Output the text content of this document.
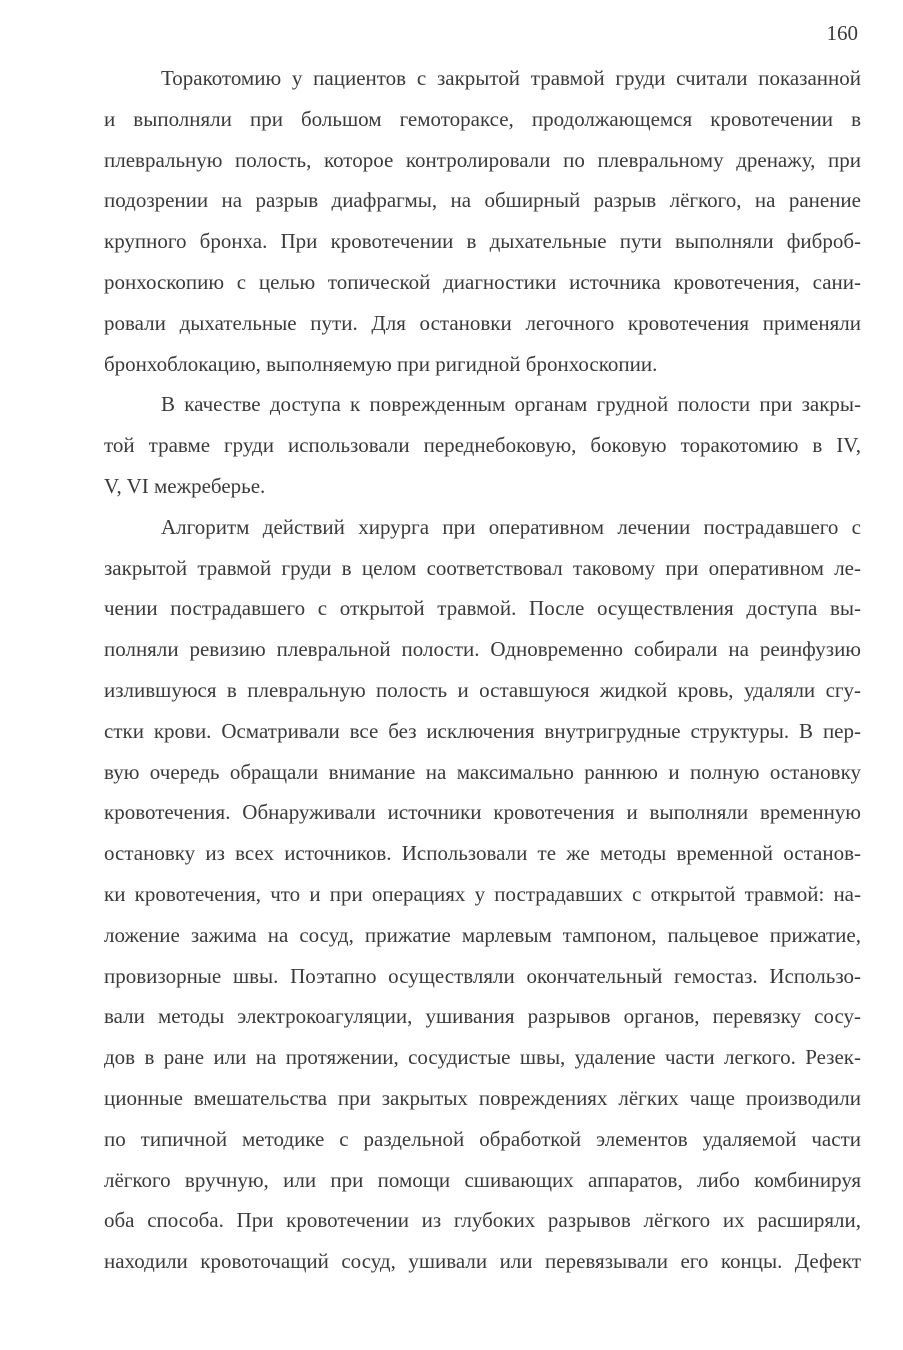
160
Торакотомию у пациентов с закрытой травмой груди считали показанной
и выполняли при большом гемотораксе, продолжающемся кровотечении в
плевральную полость, которое контролировали по плевральному дренажу, при
подозрении на разрыв диафрагмы, на обширный разрыв лёгкого, на ранение
крупного бронха. При кровотечении в дыхательные пути выполняли фиброб-
ронхоскопию с целью топической диагностики источника кровотечения, сани-
ровали дыхательные пути. Для остановки легочного кровотечения применяли
бронхоблокацию, выполняемую при ригидной бронхоскопии.
В качестве доступа к поврежденным органам грудной полости при закры-
той травме груди использовали переднебоковую, боковую торакотомию в IV,
V, VI межреберье.
Алгоритм действий хирурга при оперативном лечении пострадавшего с
закрытой травмой груди в целом соответствовал таковому при оперативном ле-
чении пострадавшего с открытой травмой. После осуществления доступа вы-
полняли ревизию плевральной полости. Одновременно собирали на реинфузию
излившуюся в плевральную полость и оставшуюся жидкой кровь, удаляли сгу-
стки крови. Осматривали все без исключения внутригрудные структуры. В пер-
вую очередь обращали внимание на максимально раннюю и полную остановку
кровотечения. Обнаруживали источники кровотечения и выполняли временную
остановку из всех источников. Использовали те же методы временной останов-
ки кровотечения, что и при операциях у пострадавших с открытой травмой: на-
ложение зажима на сосуд, прижатие марлевым тампоном, пальцевое прижатие,
провизорные швы. Поэтапно осуществляли окончательный гемостаз. Использо-
вали методы электрокоагуляции, ушивания разрывов органов, перевязку сосу-
дов в ране или на протяжении, сосудистые швы, удаление части легкого. Резек-
ционные вмешательства при закрытых повреждениях лёгких чаще производили
по типичной методике с раздельной обработкой элементов удаляемой части
лёгкого вручную, или при помощи сшивающих аппаратов, либо комбинируя
оба способа. При кровотечении из глубоких разрывов лёгкого их расширяли,
находили кровоточащий сосуд, ушивали или перевязывали его концы. Дефект
